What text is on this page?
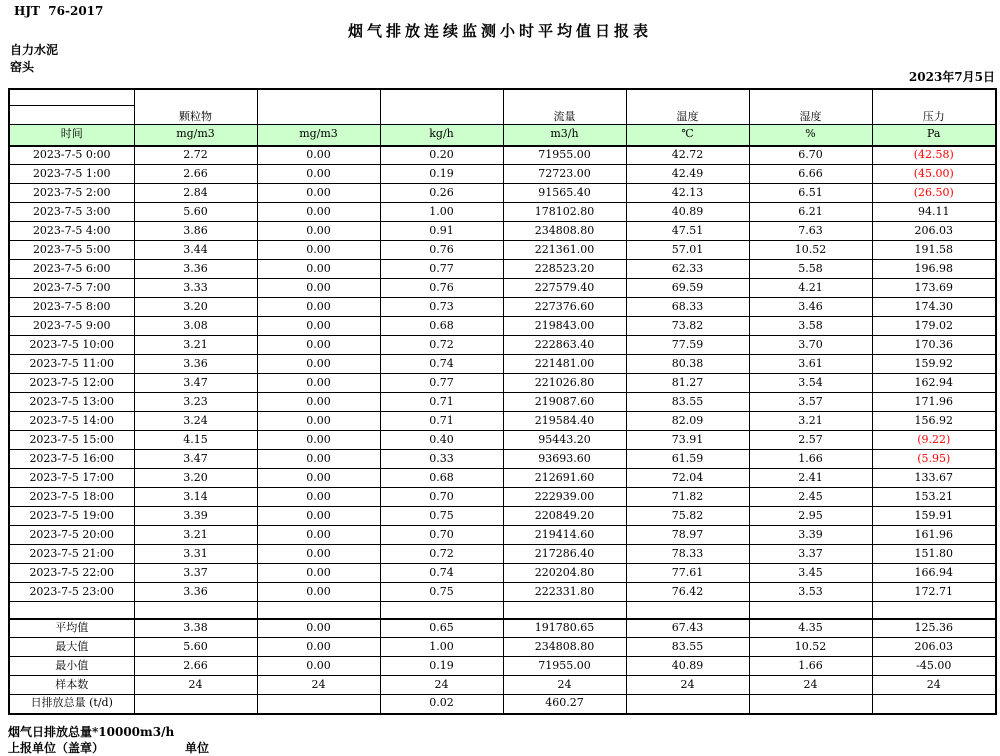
HJT  76-2017
烟气排放连续监测小时平均值日报表
自力水泥
窑头
2023年7月5日
	颗粒物			流量	温度	湿度	压力

时间	mg/m3	mg/m3	kg/h	m3/h	℃	%	Pa
2023-7-5 0:00	2.72	0.00	0.20	71955.00	42.72	6.70	(42.58)
2023-7-5 1:00	2.66	0.00	0.19	72723.00	42.49	6.66	(45.00)
2023-7-5 2:00	2.84	0.00	0.26	91565.40	42.13	6.51	(26.50)
2023-7-5 3:00	5.60	0.00	1.00	178102.80	40.89	6.21	94.11
2023-7-5 4:00	3.86	0.00	0.91	234808.80	47.51	7.63	206.03
2023-7-5 5:00	3.44	0.00	0.76	221361.00	57.01	10.52	191.58
2023-7-5 6:00	3.36	0.00	0.77	228523.20	62.33	5.58	196.98
2023-7-5 7:00	3.33	0.00	0.76	227579.40	69.59	4.21	173.69
2023-7-5 8:00	3.20	0.00	0.73	227376.60	68.33	3.46	174.30
2023-7-5 9:00	3.08	0.00	0.68	219843.00	73.82	3.58	179.02
2023-7-5 10:00	3.21	0.00	0.72	222863.40	77.59	3.70	170.36
2023-7-5 11:00	3.36	0.00	0.74	221481.00	80.38	3.61	159.92
2023-7-5 12:00	3.47	0.00	0.77	221026.80	81.27	3.54	162.94
2023-7-5 13:00	3.23	0.00	0.71	219087.60	83.55	3.57	171.96
2023-7-5 14:00	3.24	0.00	0.71	219584.40	82.09	3.21	156.92
2023-7-5 15:00	4.15	0.00	0.40	95443.20	73.91	2.57	(9.22)
2023-7-5 16:00	3.47	0.00	0.33	93693.60	61.59	1.66	(5.95)
2023-7-5 17:00	3.20	0.00	0.68	212691.60	72.04	2.41	133.67
2023-7-5 18:00	3.14	0.00	0.70	222939.00	71.82	2.45	153.21
2023-7-5 19:00	3.39	0.00	0.75	220849.20	75.82	2.95	159.91
2023-7-5 20:00	3.21	0.00	0.70	219414.60	78.97	3.39	161.96
2023-7-5 21:00	3.31	0.00	0.72	217286.40	78.33	3.37	151.80
2023-7-5 22:00	3.37	0.00	0.74	220204.80	77.61	3.45	166.94
2023-7-5 23:00	3.36	0.00	0.75	222331.80	76.42	3.53	172.71

平均值	3.38	0.00	0.65	191780.65	67.43	4.35	125.36
最大值	5.60	0.00	1.00	234808.80	83.55	10.52	206.03
最小值	2.66	0.00	0.19	71955.00	40.89	1.66	-45.00
样本数	24	24	24	24	24	24	24
日排放总量 (t/d)			0.02	460.27			
烟气日排放总量*10000m3/h
上报单位（盖章）	单位
